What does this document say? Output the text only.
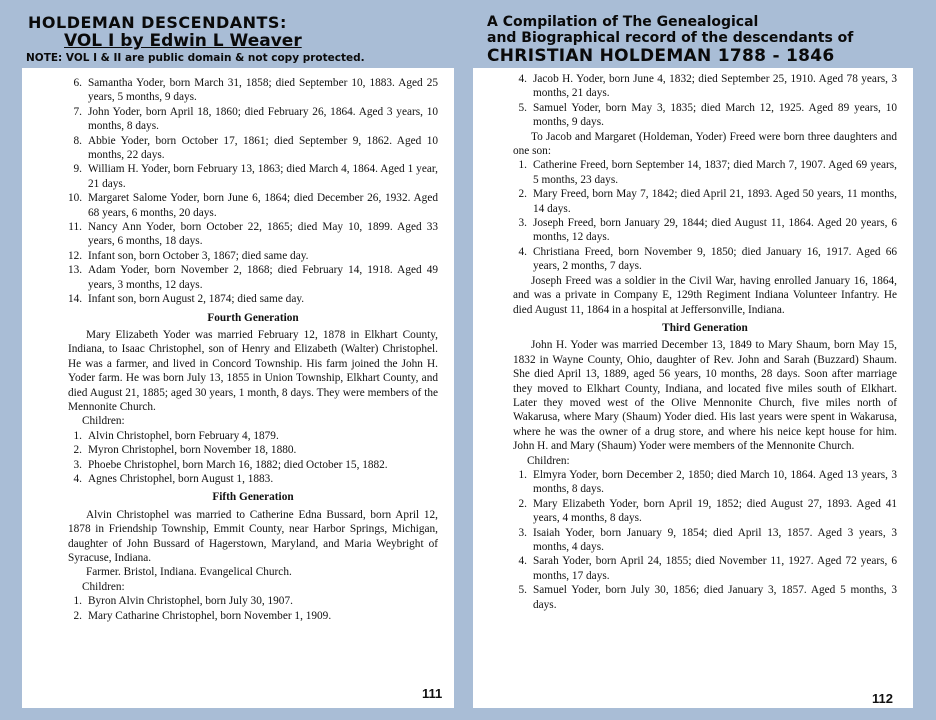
HOLDEMAN DESCENDANTS:
VOL I by Edwin L Weaver
NOTE: VOL I & II are public domain & not copy protected.
A Compilation of The Genealogical
and Biographical record of the descendants of
CHRISTIAN HOLDEMAN 1788 - 1846
6. Samantha Yoder, born March 31, 1858; died September 10, 1883. Aged 25 years, 5 months, 9 days.
7. John Yoder, born April 18, 1860; died February 26, 1864. Aged 3 years, 10 months, 8 days.
8. Abbie Yoder, born October 17, 1861; died September 9, 1862. Aged 10 months, 22 days.
9. William H. Yoder, born February 13, 1863; died March 4, 1864. Aged 1 year, 21 days.
10. Margaret Salome Yoder, born June 6, 1864; died December 26, 1932. Aged 68 years, 6 months, 20 days.
11. Nancy Ann Yoder, born October 22, 1865; died May 10, 1899. Aged 33 years, 6 months, 18 days.
12. Infant son, born October 3, 1867; died same day.
13. Adam Yoder, born November 2, 1868; died February 14, 1918. Aged 49 years, 3 months, 12 days.
14. Infant son, born August 2, 1874; died same day.
Fourth Generation
Mary Elizabeth Yoder was married February 12, 1878 in Elkhart County, Indiana, to Isaac Christophel, son of Henry and Elizabeth (Walter) Christophel. He was a farmer, and lived in Concord Township. His farm joined the John H. Yoder farm. He was born July 13, 1855 in Union Township, Elkhart County, and died August 21, 1885; aged 30 years, 1 month, 8 days. They were members of the Mennonite Church.
Children:
1. Alvin Christophel, born February 4, 1879.
2. Myron Christophel, born November 18, 1880.
3. Phoebe Christophel, born March 16, 1882; died October 15, 1882.
4. Agnes Christophel, born August 1, 1883.
Fifth Generation
Alvin Christophel was married to Catherine Edna Bussard, born April 12, 1878 in Friendship Township, Emmit County, near Harbor Springs, Michigan, daughter of John Bussard of Hagerstown, Maryland, and Maria Weybright of Syracuse, Indiana.
Farmer. Bristol, Indiana. Evangelical Church.
Children:
1. Byron Alvin Christophel, born July 30, 1907.
2. Mary Catharine Christophel, born November 1, 1909.
111
4. Jacob H. Yoder, born June 4, 1832; died September 25, 1910. Aged 78 years, 3 months, 21 days.
5. Samuel Yoder, born May 3, 1835; died March 12, 1925. Aged 89 years, 10 months, 9 days.
To Jacob and Margaret (Holdeman, Yoder) Freed were born three daughters and one son:
1. Catherine Freed, born September 14, 1837; died March 7, 1907. Aged 69 years, 5 months, 23 days.
2. Mary Freed, born May 7, 1842; died April 21, 1893. Aged 50 years, 11 months, 14 days.
3. Joseph Freed, born January 29, 1844; died August 11, 1864. Aged 20 years, 6 months, 12 days.
4. Christiana Freed, born November 9, 1850; died January 16, 1917. Aged 66 years, 2 months, 7 days.
Joseph Freed was a soldier in the Civil War, having enrolled January 16, 1864, and was a private in Company E, 129th Regiment Indiana Volunteer Infantry. He died August 11, 1864 in a hospital at Jeffersonville, Indiana.
Third Generation
John H. Yoder was married December 13, 1849 to Mary Shaum, born May 15, 1832 in Wayne County, Ohio, daughter of Rev. John and Sarah (Buzzard) Shaum. She died April 13, 1889, aged 56 years, 10 months, 28 days. Soon after marriage they moved to Elkhart County, Indiana, and located five miles south of Elkhart. Later they moved west of the Olive Mennonite Church, five miles north of Wakarusa, where Mary (Shaum) Yoder died. His last years were spent in Wakarusa, where he was the owner of a drug store, and where his neice kept house for him. John H. and Mary (Shaum) Yoder were members of the Mennonite Church.
Children:
1. Elmyra Yoder, born December 2, 1850; died March 10, 1864. Aged 13 years, 3 months, 8 days.
2. Mary Elizabeth Yoder, born April 19, 1852; died August 27, 1893. Aged 41 years, 4 months, 8 days.
3. Isaiah Yoder, born January 9, 1854; died April 13, 1857. Aged 3 years, 3 months, 4 days.
4. Sarah Yoder, born April 24, 1855; died November 11, 1927. Aged 72 years, 6 months, 17 days.
5. Samuel Yoder, born July 30, 1856; died January 3, 1857. Aged 5 months, 3 days.
112
